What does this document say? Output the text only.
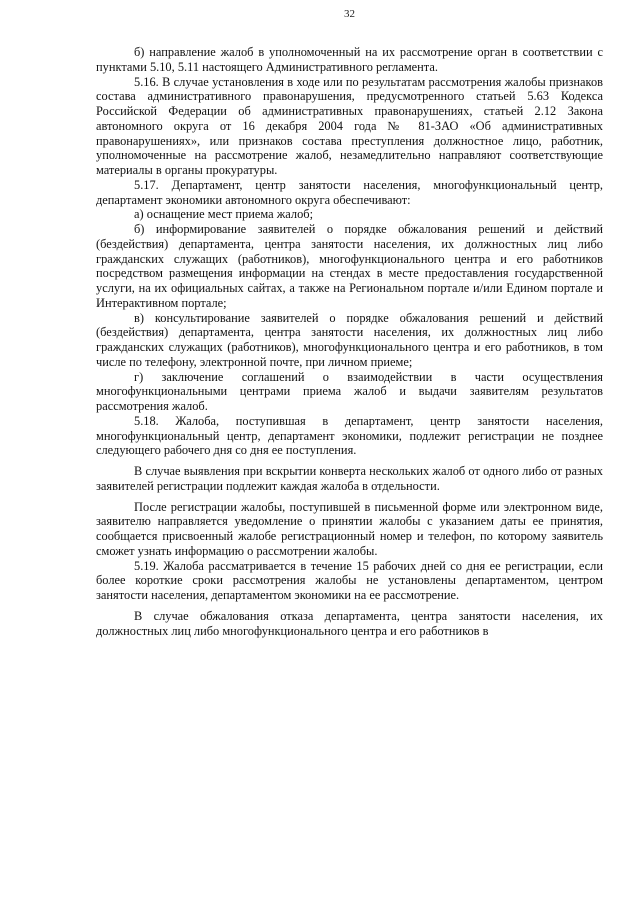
32

б) направление жалоб в уполномоченный на их рассмотрение орган в соответствии с пунктами 5.10, 5.11 настоящего Административного регламента.

5.16. В случае установления в ходе или по результатам рассмотрения жалобы признаков состава административного правонарушения, предусмотренного статьей 5.63 Кодекса Российской Федерации об административных правонарушениях, статьей 2.12 Закона автономного округа от 16 декабря 2004 года № 81-ЗАО «Об административных правонарушениях», или признаков состава преступления должностное лицо, работник, уполномоченные на рассмотрение жалоб, незамедлительно направляют соответствующие материалы в органы прокуратуры.

5.17. Департамент, центр занятости населения, многофункциональный центр, департамент экономики автономного округа обеспечивают:

а) оснащение мест приема жалоб;

б) информирование заявителей о порядке обжалования решений и действий (бездействия) департамента, центра занятости населения, их должностных лиц либо гражданских служащих (работников), многофункционального центра и его работников посредством размещения информации на стендах в месте предоставления государственной услуги, на их официальных сайтах, а также на Региональном портале и/или Едином портале и Интерактивном портале;

в) консультирование заявителей о порядке обжалования решений и действий (бездействия) департамента, центра занятости населения, их должностных лиц либо гражданских служащих (работников), многофункционального центра и его работников, в том числе по телефону, электронной почте, при личном приеме;

г) заключение соглашений о взаимодействии в части осуществления многофункциональными центрами приема жалоб и выдачи заявителям результатов рассмотрения жалоб.

5.18. Жалоба, поступившая в департамент, центр занятости населения, многофункциональный центр, департамент экономики, подлежит регистрации не позднее следующего рабочего дня со дня ее поступления.

В случае выявления при вскрытии конверта нескольких жалоб от одного либо от разных заявителей регистрации подлежит каждая жалоба в отдельности.

После регистрации жалобы, поступившей в письменной форме или электронном виде, заявителю направляется уведомление о принятии жалобы с указанием даты ее принятия, сообщается присвоенный жалобе регистрационный номер и телефон, по которому заявитель сможет узнать информацию о рассмотрении жалобы.

5.19. Жалоба рассматривается в течение 15 рабочих дней со дня ее регистрации, если более короткие сроки рассмотрения жалобы не установлены департаментом, центром занятости населения, департаментом экономики на ее рассмотрение.

В случае обжалования отказа департамента, центра занятости населения, их должностных лиц либо многофункционального центра и его работников в
